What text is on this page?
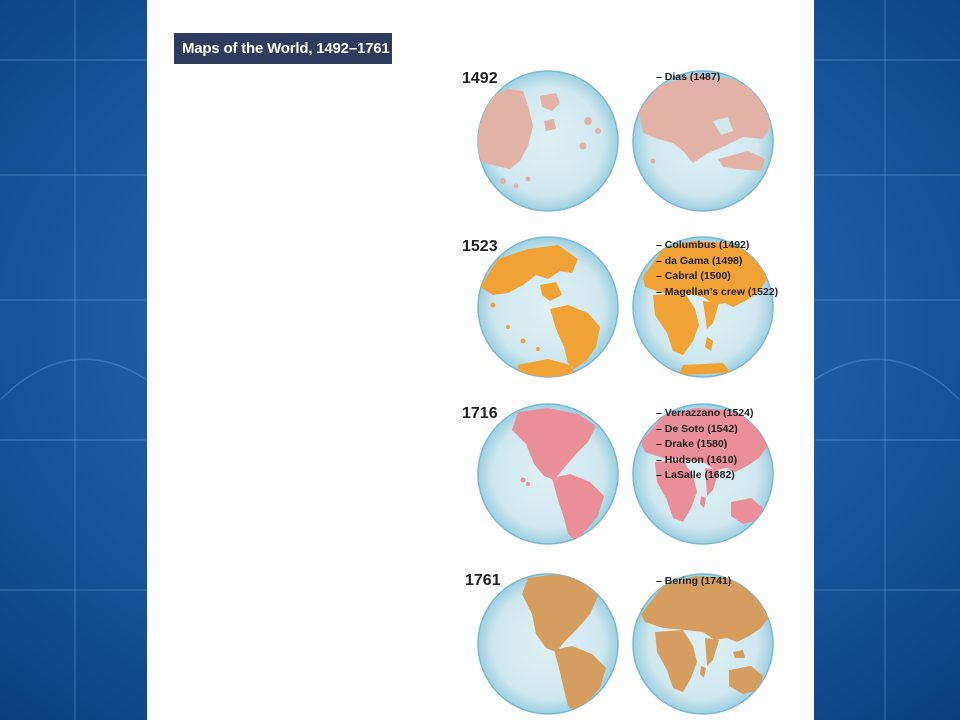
Maps of the World, 1492–1761
1492
1523
1716
1761
– Dias (1487)
– Columbus (1492)
– da Gama (1498)
– Cabral (1500)
– Magellan’s crew (1522)
– Verrazzano (1524)
– De Soto (1542)
– Drake (1580)
– Hudson (1610)
– LaSalle (1682)
– Bering (1741)
